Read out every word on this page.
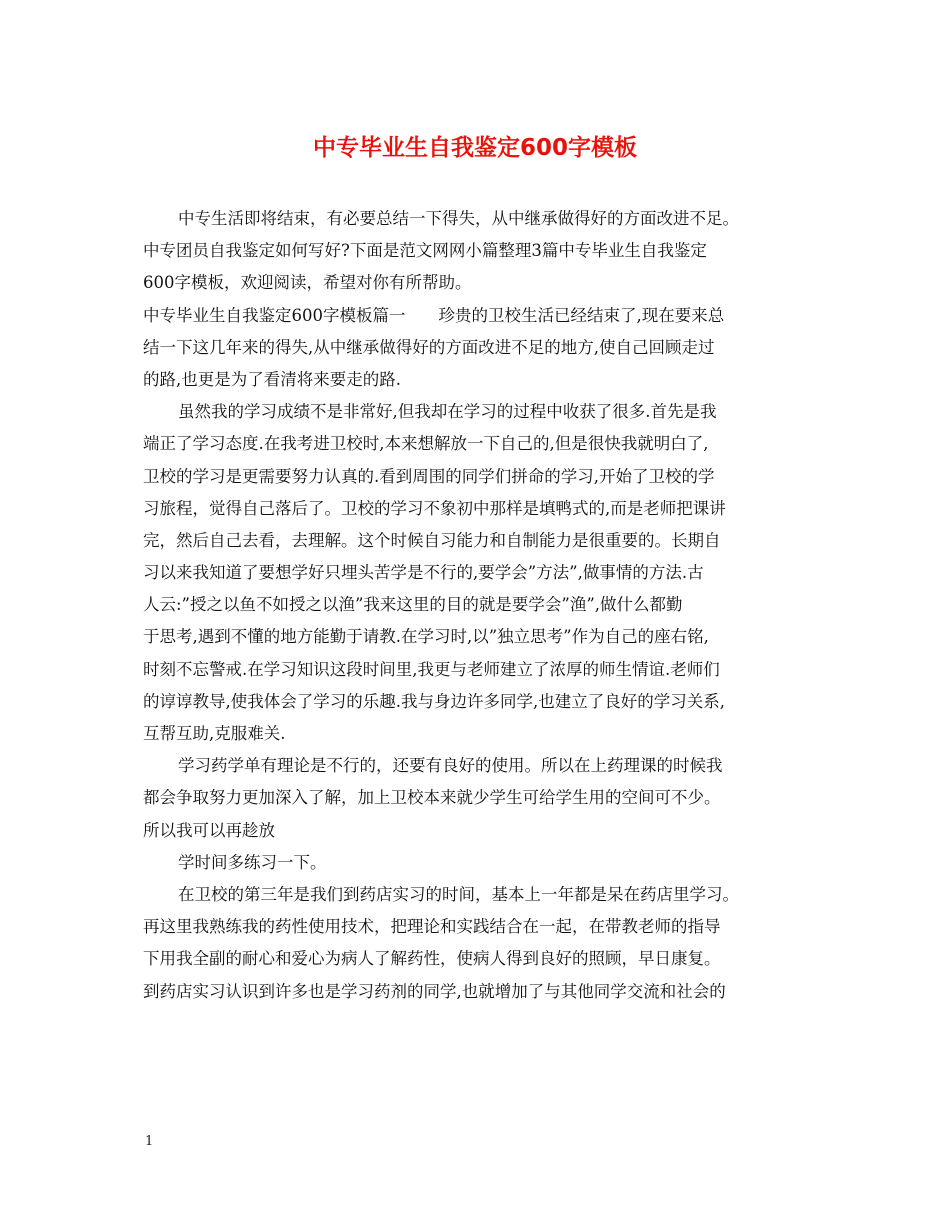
中专毕业生自我鉴定600字模板
中专生活即将结束，有必要总结一下得失，从中继承做得好的方面改进不足。
中专团员自我鉴定如何写好?下面是范文网网小篇整理3篇中专毕业生自我鉴定
600字模板，欢迎阅读，希望对你有所帮助。
中专毕业生自我鉴定600字模板篇一　　珍贵的卫校生活已经结束了,现在要来总
结一下这几年来的得失,从中继承做得好的方面改进不足的地方,使自己回顾走过
的路,也更是为了看清将来要走的路.
虽然我的学习成绩不是非常好,但我却在学习的过程中收获了很多.首先是我
端正了学习态度.在我考进卫校时,本来想解放一下自己的,但是很快我就明白了,
卫校的学习是更需要努力认真的.看到周围的同学们拼命的学习,开始了卫校的学
习旅程，觉得自己落后了。卫校的学习不象初中那样是填鸭式的,而是老师把课讲
完，然后自己去看，去理解。这个时候自习能力和自制能力是很重要的。长期自
习以来我知道了要想学好只埋头苦学是不行的,要学会”方法”,做事情的方法.古
人云:”授之以鱼不如授之以渔”我来这里的目的就是要学会”渔”,做什么都勤
于思考,遇到不懂的地方能勤于请教.在学习时,以”独立思考”作为自己的座右铭,
时刻不忘警戒.在学习知识这段时间里,我更与老师建立了浓厚的师生情谊.老师们
的谆谆教导,使我体会了学习的乐趣.我与身边许多同学,也建立了良好的学习关系,
互帮互助,克服难关.
学习药学单有理论是不行的，还要有良好的使用。所以在上药理课的时候我
都会争取努力更加深入了解，加上卫校本来就少学生可给学生用的空间可不少。
所以我可以再趁放
学时间多练习一下。
在卫校的第三年是我们到药店实习的时间，基本上一年都是呆在药店里学习。
再这里我熟练我的药性使用技术，把理论和实践结合在一起，在带教老师的指导
下用我全副的耐心和爱心为病人了解药性，使病人得到良好的照顾，早日康复。
到药店实习认识到许多也是学习药剂的同学,也就增加了与其他同学交流和社会的
1
